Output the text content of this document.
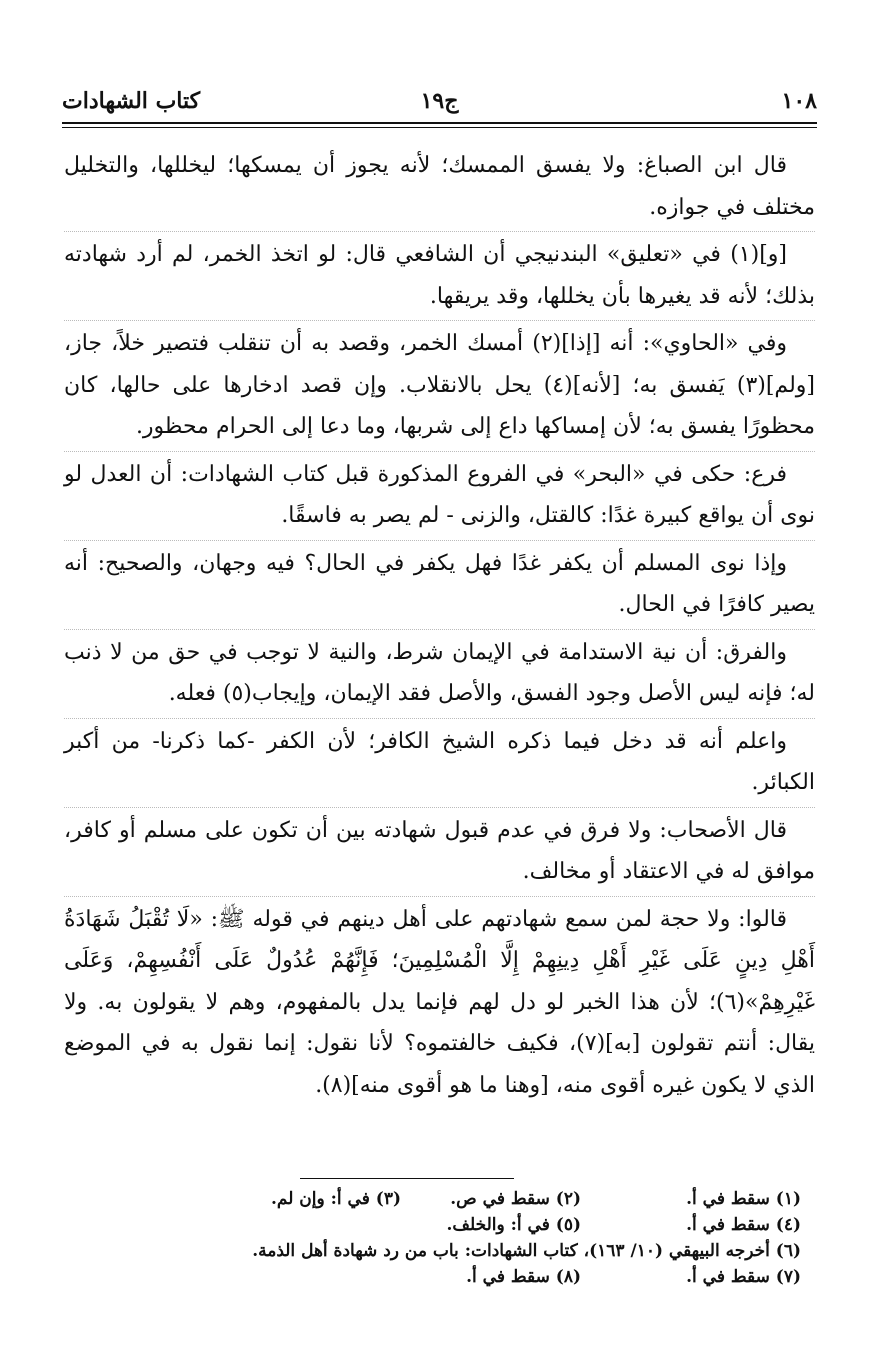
١٠٨
ج١٩
كتاب الشهادات

قال ابن الصباغ: ولا يفسق الممسك؛ لأنه يجوز أن يمسكها؛ ليخللها، والتخليل مختلف في جوازه.

[و](١) في «تعليق» البندنيجي أن الشافعي قال: لو اتخذ الخمر، لم أرد شهادته بذلك؛ لأنه قد يغيرها بأن يخللها، وقد يريقها.

وفي «الحاوي»: أنه [إذا](٢) أمسك الخمر، وقصد به أن تنقلب فتصير خلاً، جاز، [ولم](٣) يَفسق به؛ [لأنه](٤) يحل بالانقلاب. وإن قصد ادخارها على حالها، كان محظورًا يفسق به؛ لأن إمساكها داع إلى شربها، وما دعا إلى الحرام محظور.

فرع: حكى في «البحر» في الفروع المذكورة قبل كتاب الشهادات: أن العدل لو نوى أن يواقع كبيرة غدًا: كالقتل، والزنى - لم يصر به فاسقًا.

وإذا نوى المسلم أن يكفر غدًا فهل يكفر في الحال؟ فيه وجهان، والصحيح: أنه يصير كافرًا في الحال.

والفرق: أن نية الاستدامة في الإيمان شرط، والنية لا توجب في حق من لا ذنب له؛ فإنه ليس الأصل وجود الفسق، والأصل فقد الإيمان، وإيجاب(٥) فعله.

واعلم أنه قد دخل فيما ذكره الشيخ الكافر؛ لأن الكفر -كما ذكرنا- من أكبر الكبائر.

قال الأصحاب: ولا فرق في عدم قبول شهادته بين أن تكون على مسلم أو كافر، موافق له في الاعتقاد أو مخالف.

قالوا: ولا حجة لمن سمع شهادتهم على أهل دينهم في قوله ﷺ: «لَا تُقْبَلُ شَهَادَةُ أَهْلِ دِينٍ عَلَى غَيْرِ أَهْلِ دِينِهِمْ إِلَّا الْمُسْلِمِينَ؛ فَإِنَّهُمْ عُدُولٌ عَلَى أَنْفُسِهِمْ، وَعَلَى غَيْرِهِمْ»(٦)؛ لأن هذا الخبر لو دل لهم فإنما يدل بالمفهوم، وهم لا يقولون به. ولا يقال: أنتم تقولون [به](٧)، فكيف خالفتموه؟ لأنا نقول: إنما نقول به في الموضع الذي لا يكون غيره أقوى منه، [وهنا ما هو أقوى منه](٨).

(١) سقط في أ.
(٢) سقط في ص.
(٣) في أ: وإن لم.
(٤) سقط في أ.
(٥) في أ: والخلف.
(٦) أخرجه البيهقي (١٠/ ١٦٣)، كتاب الشهادات: باب من رد شهادة أهل الذمة.
(٧) سقط في أ.
(٨) سقط في أ.
